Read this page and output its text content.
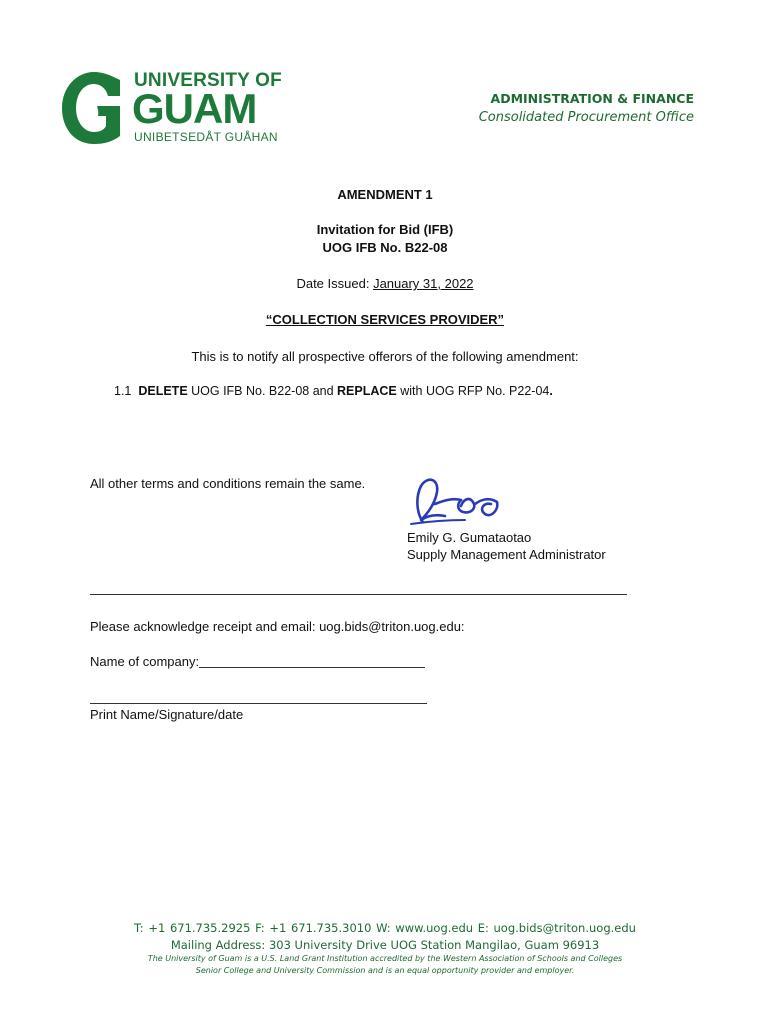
UNIVERSITY OF
GUAM
UNIBETSEDÅT GUÅHAN
ADMINISTRATION & FINANCE
Consolidated Procurement Office
AMENDMENT 1
Invitation for Bid (IFB)
UOG IFB No. B22-08
Date Issued: January 31, 2022
“COLLECTION SERVICES PROVIDER”
This is to notify all prospective offerors of the following amendment:
1.1 DELETE UOG IFB No. B22-08 and REPLACE with UOG RFP No. P22-04.
All other terms and conditions remain the same.
Emily G. Gumataotao
Supply Management Administrator
Please acknowledge receipt and email: uog.bids@triton.uog.edu:
Name of company:
Print Name/Signature/date
T: +1 671.735.2925 F: +1 671.735.3010 W: www.uog.edu E: uog.bids@triton.uog.edu
Mailing Address: 303 University Drive UOG Station Mangilao, Guam 96913
The University of Guam is a U.S. Land Grant Institution accredited by the Western Association of Schools and Colleges
Senior College and University Commission and is an equal opportunity provider and employer.
